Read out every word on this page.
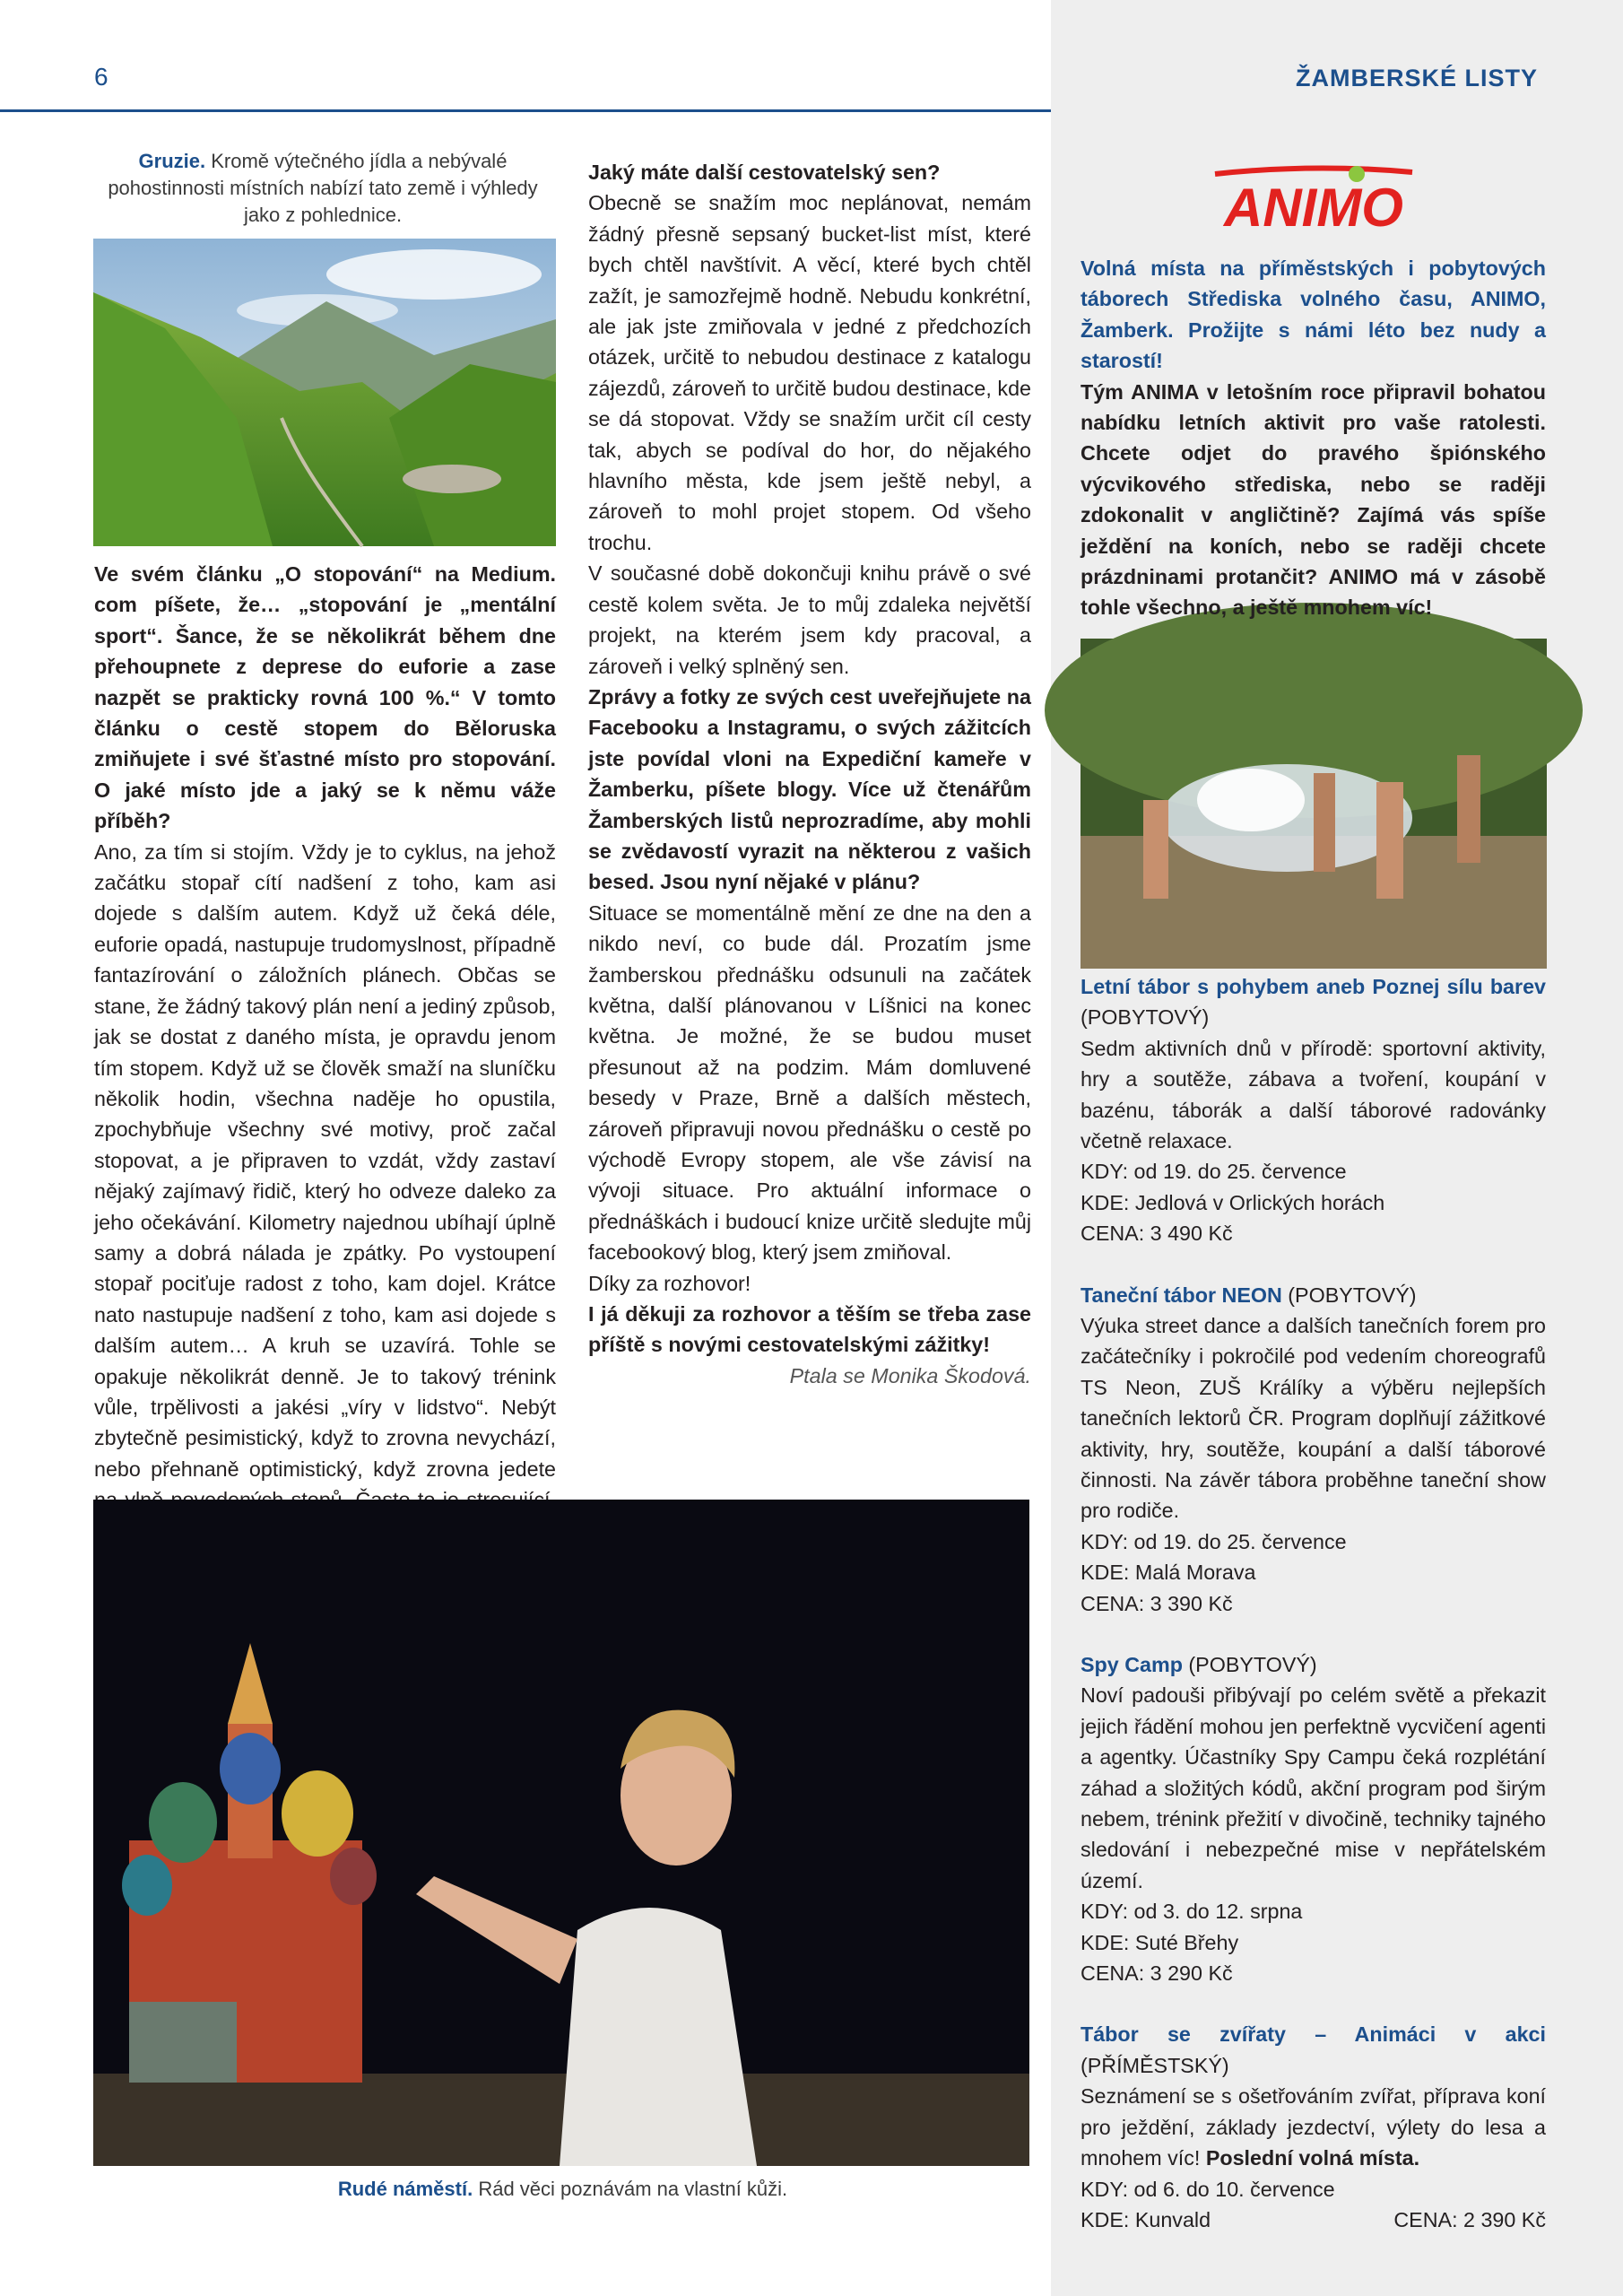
6	ŽAMBERSKÉ LISTY
Gruzie. Kromě výtečného jídla a nebývalé pohostinnosti místních nabízí tato země i výhledy jako z pohlednice.

Ve svém článku „O stopování“ na Medium. com píšete, že… „stopování je „mentální sport“. Šance, že se několikrát během dne přehoupnete z deprese do euforie a zase nazpět se prakticky rovná 100 %.“ V tomto článku o cestě stopem do Běloruska zmiňujete i své šťastné místo pro stopování. O jaké místo jde a jaký se k němu váže příběh?

Ano, za tím si stojím. Vždy je to cyklus, na jehož začátku stopař cítí nadšení z toho, kam asi dojede s dalším autem. Když už čeká déle, euforie opadá, nastupuje trudomyslnost, případně fantazírování o záložních plánech. Občas se stane, že žádný takový plán není a jediný způsob, jak se dostat z daného místa, je opravdu jenom tím stopem. Když už se člověk smaží na sluníčku několik hodin, všechna naděje ho opustila, zpochybňuje všechny své motivy, proč začal stopovat, a je připraven to vzdát, vždy zastaví nějaký zajímavý řidič, který ho odveze daleko za jeho očekávání. Kilometry najednou ubíhají úplně samy a dobrá nálada je zpátky. Po vystoupení stopař pociťuje radost z toho, kam dojel. Krátce nato nastupuje nadšení z toho, kam asi dojede s dalším autem… A kruh se uzavírá. Tohle se opakuje několikrát denně. Je to takový trénink vůle, trpělivosti a jakési „víry v lidstvo“. Nebýt zbytečně pesimistický, když to zrovna nevychází, nebo přehnaně optimistický, když zrovna jedete

Jaký máte další cestovatelský sen?

Obecně se snažím moc neplánovat, nemám žádný přesně sepsaný bucket-list míst, které bych chtěl navštívit. A věcí, které bych chtěl zažít, je samozřejmě hodně. Nebudu konkrétní, ale jak jste zmiňovala v jedné z předchozích otázek, určitě to nebudou destinace z katalogu zájezdů, zároveň to určitě budou destinace, kde se dá stopovat. Vždy se snažím určit cíl cesty tak, abych se podíval do hor, do nějakého hlavního města, kde jsem ještě nebyl, a zároveň to mohl projet stopem. Od všeho trochu.

V současné době dokončuji knihu právě o své cestě kolem světa. Je to můj zdaleka největší projekt, na kterém jsem kdy pracoval, a zároveň i velký splněný sen.

Zprávy a fotky ze svých cest uveřejňujete na Facebooku a Instagramu, o svých zážitcích jste povídal vloni na Expediční kameře v Žamberku, píšete blogy. Více už čtenářům Žamberských listů neprozradíme, aby mohli se zvědavostí vyrazit na některou z vašich besed. Jsou nyní nějaké v plánu?

Situace se momentálně mění ze dne na den a nikdo neví, co bude dál. Prozatím jsme žamberskou přednášku odsunuli na začátek května, další plánovanou v Líšnici na konec května. Je možné, že se budou muset přesunout až na podzim. Mám domluvené besedy v Praze, Brně a dalších městech, zároveň připravuji novou přednášku o cestě po východě Evropy stopem, ale vše závisí na vývoji situace. Pro aktuální informace o přednáškách i budoucí knize určitě sledujte můj facebookový blog, který jsem zmiňoval.

Díky za rozhovor!

I já děkuji za rozhovor a těším se třeba zase příště s novými cestovatelskými zážitky!

Ptala se Monika Škodová.

Rudé náměstí. Rád věci poznávám na vlastní kůži.
ANIMO

Volná místa na příměstských i pobytových táborech Střediska volného času, ANIMO, Žamberk. Prožijte s námi léto bez nudy a starostí!

Tým ANIMA v letošním roce připravil bohatou nabídku letních aktivit pro vaše ratolesti. Chcete odjet do pravého špiónského výcvikového střediska, nebo se raději zdokonalit v angličtině? Zajímá vás spíše ježdění na koních, nebo se raději chcete prázdninami protančit? ANIMO má v zásobě tohle všechno, a ještě mnohem víc!

Letní tábor s pohybem aneb Poznej sílu barev (POBYTOVÝ)

Sedm aktivních dnů v přírodě: sportovní aktivity, hry a soutěže, zábava a tvoření, koupání v bazénu, táborák a další táborové radovánky včetně relaxace.

KDY: od 19. do 25. července

KDE: Jedlová v Orlických horách

CENA: 3 490 Kč

Taneční tábor NEON (POBYTOVÝ)

Výuka street dance a dalších tanečních forem pro začátečníky i pokročilé pod vedením choreografů TS Neon, ZUŠ Králíky a výběru nejlepších tanečních lektorů ČR. Program doplňují zážitkové aktivity, hry, soutěže, koupání a další táborové činnosti. Na závěr tábora proběhne taneční show pro rodiče.

KDY: od 19. do 25. července

KDE: Malá Morava

CENA: 3 390 Kč

Spy Camp (POBYTOVÝ)

Noví padouši přibývají po celém světě a překazit jejich řádění mohou jen perfektně vycvičení agenti a agentky. Účastníky Spy Campu čeká rozplétání záhad a složitých kódů, akční program pod širým nebem, trénink přežití v divočině, techniky tajného sledování i nebezpečné mise v nepřátelském území.

KDY: od 3. do 12. srpna

KDE: Suté Břehy

CENA: 3 290 Kč

Tábor se zvířaty – Animáci v akci (PŘÍMĚSTSKÝ)

Seznámení se s ošetřováním zvířat, příprava koní pro ježdění, základy jezdectví, výlety do lesa a mnohem víc! Poslední volná místa.

KDY: od 6. do 10. července

KDE: Kunvald	CENA: 2 390 Kč
